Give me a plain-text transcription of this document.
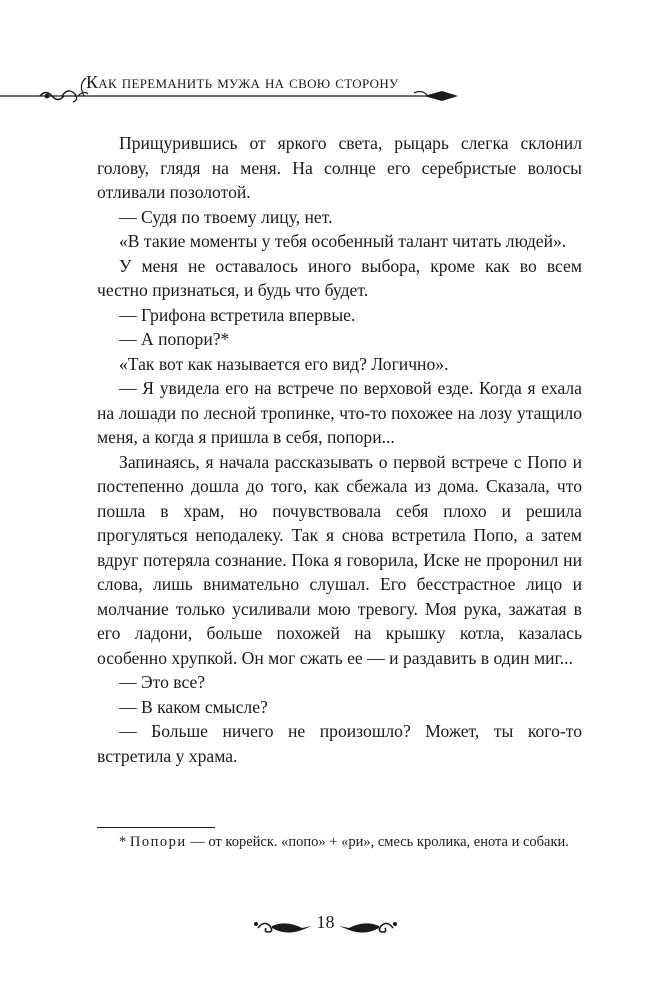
Как переманить мужа на свою сторону

Прищурившись от яркого света, рыцарь слегка склонил голову, глядя на меня. На солнце его серебристые волосы отливали позолотой.

— Судя по твоему лицу, нет.

«В такие моменты у тебя особенный талант читать людей».

У меня не оставалось иного выбора, кроме как во всем честно признаться, и будь что будет.

— Грифона встретила впервые.

— А попори?*

«Так вот как называется его вид? Логично».

— Я увидела его на встрече по верховой езде. Когда я ехала на лошади по лесной тропинке, что-то похожее на лозу утащило меня, а когда я пришла в себя, попори...

Запинаясь, я начала рассказывать о первой встрече с Попо и постепенно дошла до того, как сбежала из дома. Сказала, что пошла в храм, но почувствовала себя плохо и решила прогуляться неподалеку. Так я снова встретила Попо, а затем вдруг потеряла сознание. Пока я говорила, Иске не проронил ни слова, лишь внимательно слушал. Его бесстрастное лицо и молчание только усиливали мою тревогу. Моя рука, зажатая в его ладони, больше похожей на крышку котла, казалась особенно хрупкой. Он мог сжать ее — и раздавить в один миг...

— Это все?

— В каком смысле?

— Больше ничего не произошло? Может, ты кого-то встретила у храма.

* Попори — от корейск. «попо» + «ри», смесь кролика, енота и собаки.
18
